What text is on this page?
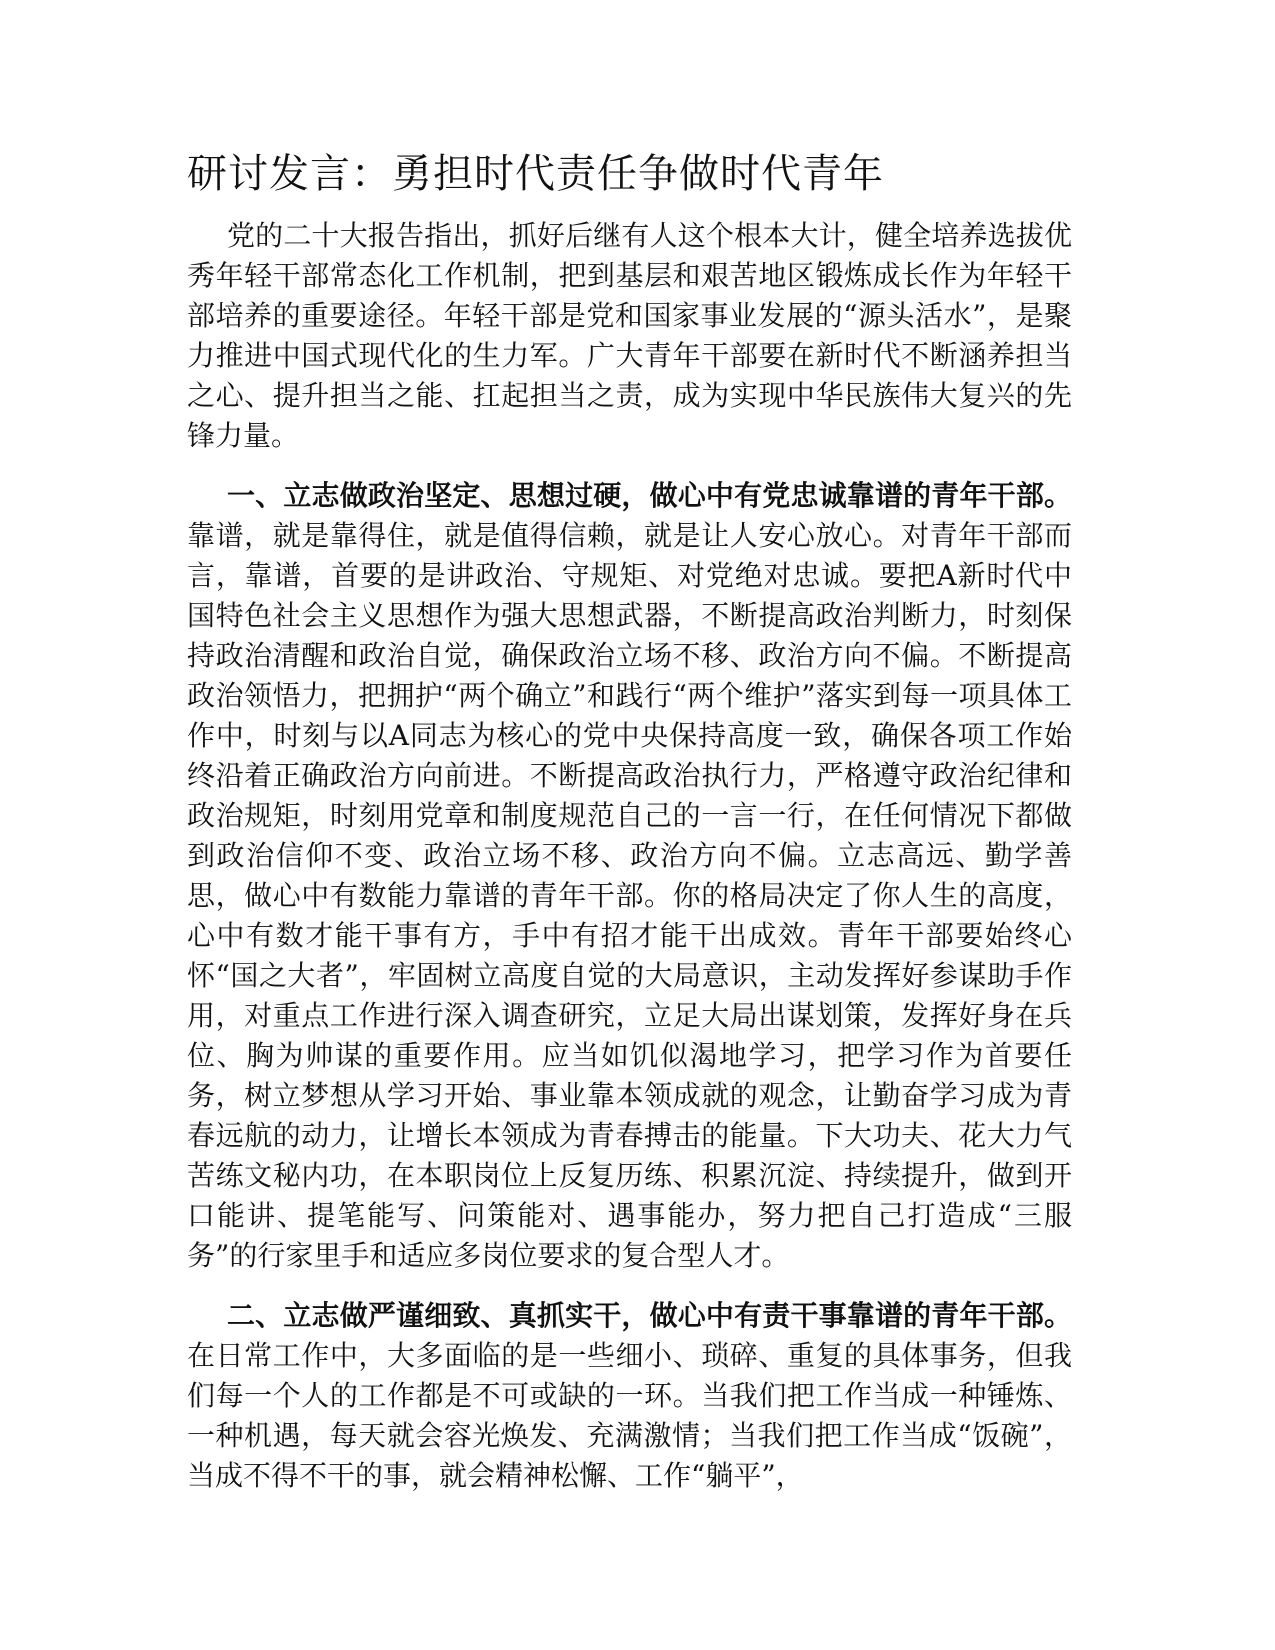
研讨发言：勇担时代责任争做时代青年

党的二十大报告指出，抓好后继有人这个根本大计，健全培养选拔优秀年轻干部常态化工作机制，把到基层和艰苦地区锻炼成长作为年轻干部培养的重要途径。年轻干部是党和国家事业发展的“源头活水”，是聚力推进中国式现代化的生力军。广大青年干部要在新时代不断涵养担当之心、提升担当之能、扛起担当之责，成为实现中华民族伟大复兴的先锋力量。

一、立志做政治坚定、思想过硬，做心中有党忠诚靠谱的青年干部。靠谱，就是靠得住，就是值得信赖，就是让人安心放心。对青年干部而言，靠谱，首要的是讲政治、守规矩、对党绝对忠诚。要把A新时代中国特色社会主义思想作为强大思想武器，不断提高政治判断力，时刻保持政治清醒和政治自觉，确保政治立场不移、政治方向不偏。不断提高政治领悟力，把拥护“两个确立”和践行“两个维护”落实到每一项具体工作中，时刻与以A同志为核心的党中央保持高度一致，确保各项工作始终沿着正确政治方向前进。不断提高政治执行力，严格遵守政治纪律和政治规矩，时刻用党章和制度规范自己的一言一行，在任何情况下都做到政治信仰不变、政治立场不移、政治方向不偏。立志高远、勤学善思，做心中有数能力靠谱的青年干部。你的格局决定了你人生的高度，心中有数才能干事有方，手中有招才能干出成效。青年干部要始终心怀“国之大者”，牢固树立高度自觉的大局意识，主动发挥好参谋助手作用，对重点工作进行深入调查研究，立足大局出谋划策，发挥好身在兵位、胸为帅谋的重要作用。应当如饥似渴地学习，把学习作为首要任务，树立梦想从学习开始、事业靠本领成就的观念，让勤奋学习成为青春远航的动力，让增长本领成为青春搏击的能量。下大功夫、花大力气苦练文秘内功，在本职岗位上反复历练、积累沉淀、持续提升，做到开口能讲、提笔能写、问策能对、遇事能办，努力把自己打造成“三服务”的行家里手和适应多岗位要求的复合型人才。

二、立志做严谨细致、真抓实干，做心中有责干事靠谱的青年干部。在日常工作中，大多面临的是一些细小、琐碎、重复的具体事务，但我们每一个人的工作都是不可或缺的一环。当我们把工作当成一种锤炼、一种机遇，每天就会容光焕发、充满激情；当我们把工作当成“饭碗”，当成不得不干的事，就会精神松懈、工作“躺平”，
